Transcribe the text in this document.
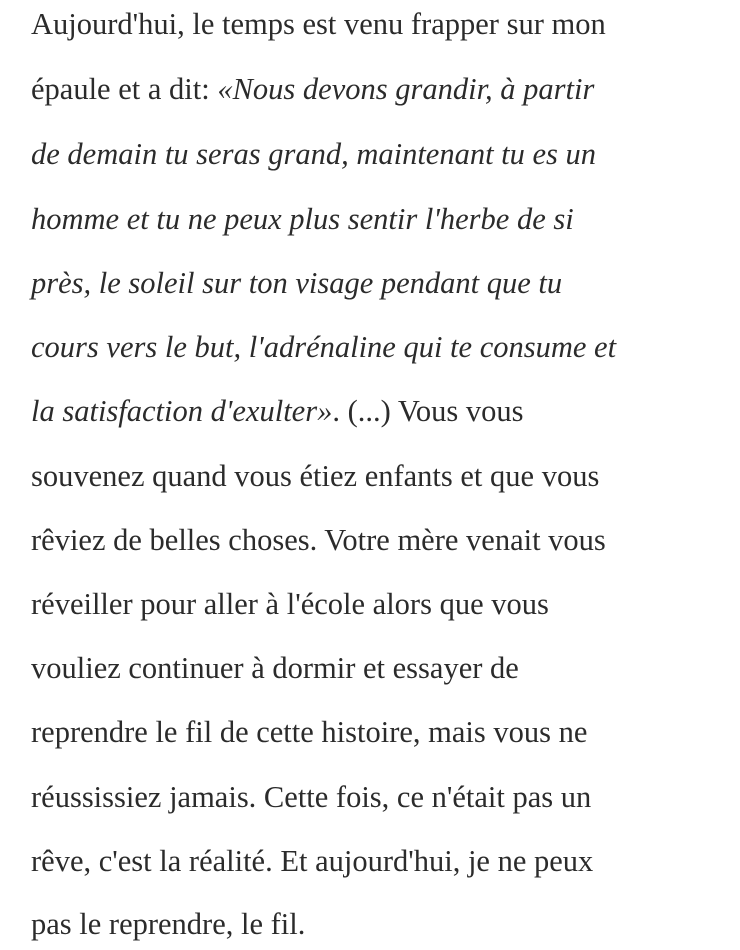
Aujourd'hui, le temps est venu frapper sur mon
épaule et a dit: «Nous devons grandir, à partir
de demain tu seras grand, maintenant tu es un
homme et tu ne peux plus sentir l'herbe de si
près, le soleil sur ton visage pendant que tu
cours vers le but, l'adrénaline qui te consume et
la satisfaction d'exulter». (...) Vous vous
souvenez quand vous étiez enfants et que vous
rêviez de belles choses. Votre mère venait vous
réveiller pour aller à l'école alors que vous
vouliez continuer à dormir et essayer de
reprendre le fil de cette histoire, mais vous ne
réussissiez jamais. Cette fois, ce n'était pas un
rêve, c'est la réalité. Et aujourd'hui, je ne peux
pas le reprendre, le fil.
